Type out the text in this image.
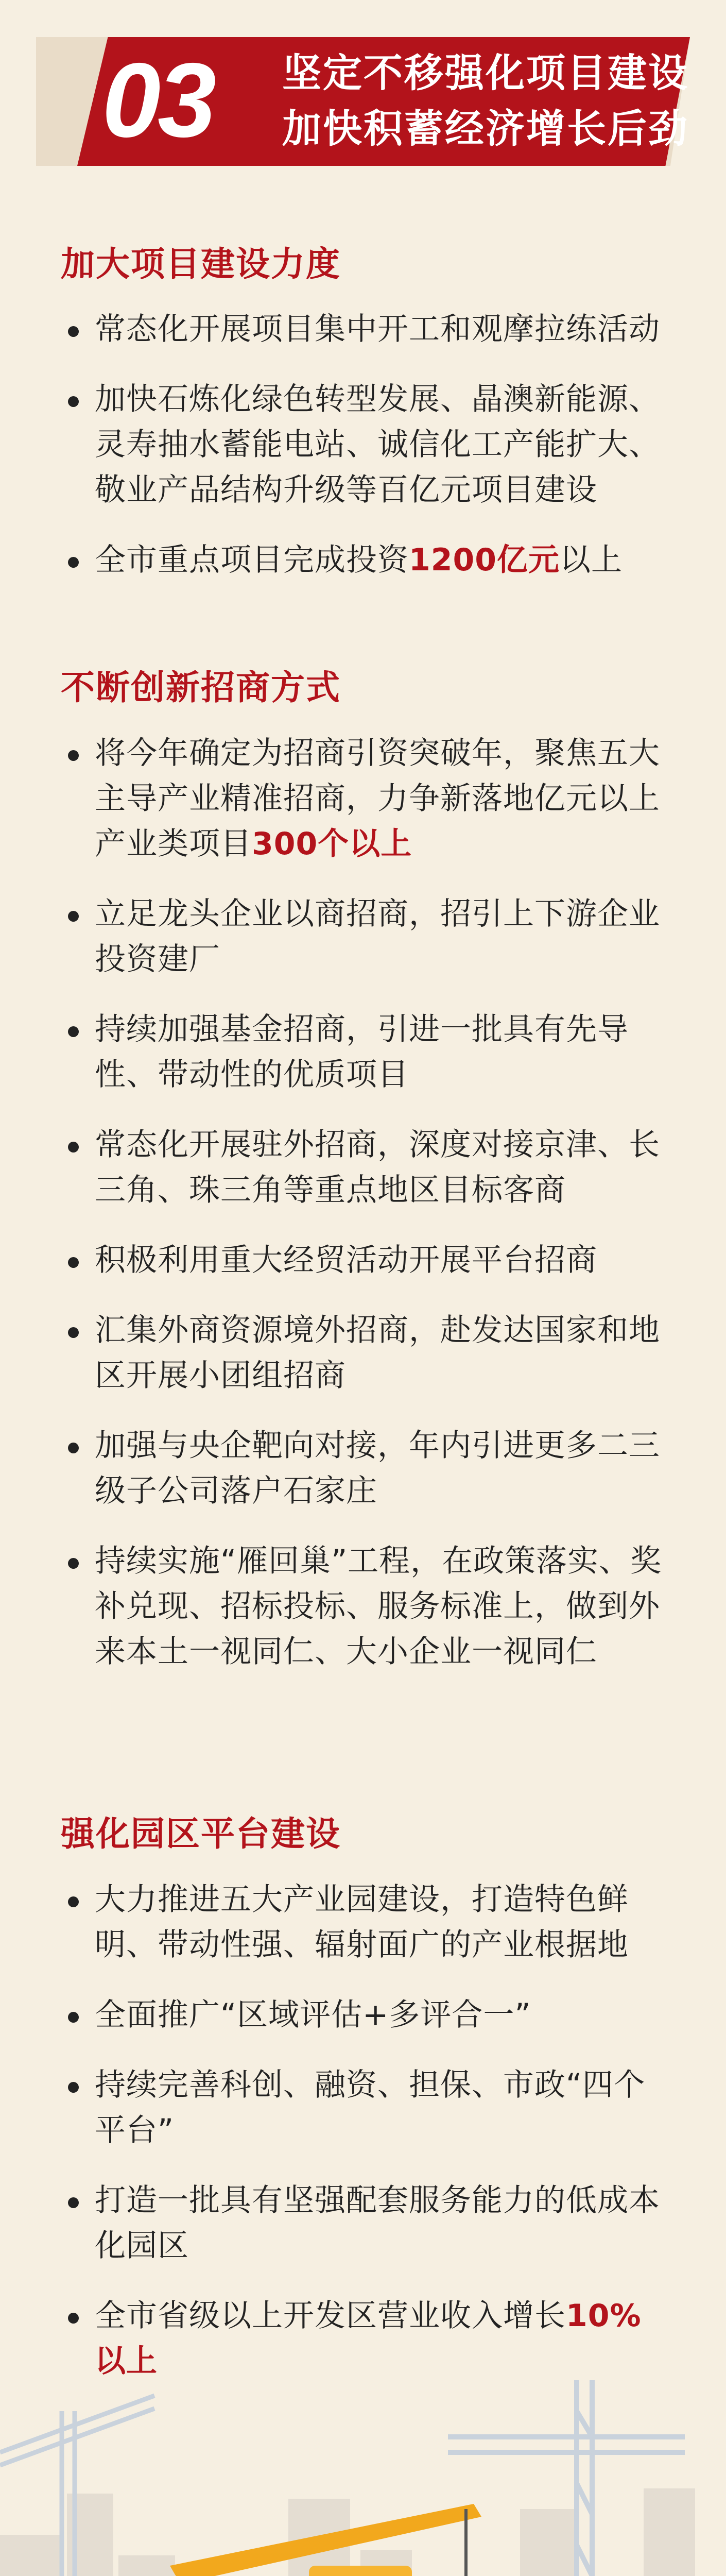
03 坚定不移强化项目建设
加快积蓄经济增长后劲
加大项目建设力度
常态化开展项目集中开工和观摩拉练活动
加快石炼化绿色转型发展、晶澳新能源、灵寿抽水蓄能电站、诚信化工产能扩大、敬业产品结构升级等百亿元项目建设
全市重点项目完成投资1200亿元以上
不断创新招商方式
将今年确定为招商引资突破年，聚焦五大主导产业精准招商，力争新落地亿元以上产业类项目300个以上
立足龙头企业以商招商，招引上下游企业投资建厂
持续加强基金招商，引进一批具有先导性、带动性的优质项目
常态化开展驻外招商，深度对接京津、长三角、珠三角等重点地区目标客商
积极利用重大经贸活动开展平台招商
汇集外商资源境外招商，赴发达国家和地区开展小团组招商
加强与央企靶向对接，年内引进更多二三级子公司落户石家庄
持续实施“雁回巢”工程，在政策落实、奖补兑现、招标投标、服务标准上，做到外来本土一视同仁、大小企业一视同仁
强化园区平台建设
大力推进五大产业园建设，打造特色鲜明、带动性强、辐射面广的产业根据地
全面推广“区域评估+多评合一”
持续完善科创、融资、担保、市政“四个平台”
打造一批具有坚强配套服务能力的低成本化园区
全市省级以上开发区营业收入增长10%以上
